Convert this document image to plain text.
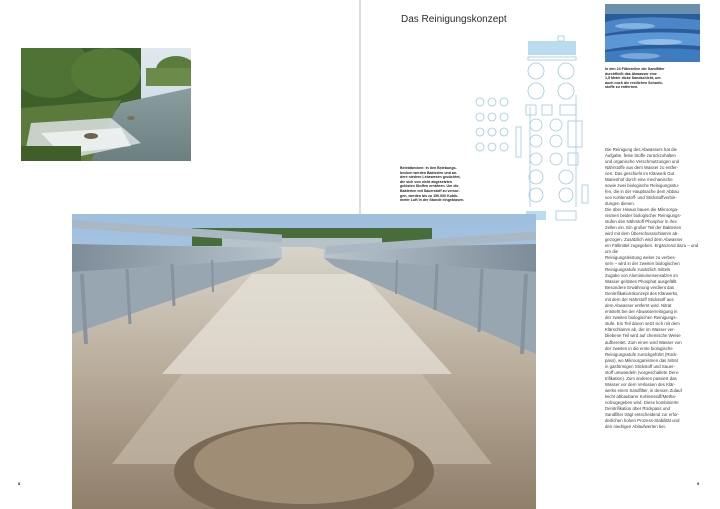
Belebtbecken: In den Belebungs-
becken werden Bakterien und an-
dere niedere Lebewesen gezüchtet,
die sich von nicht abgesetzten
gelösten Stoffen ernähren. Um die
Bakterien mit Sauerstoff zu versor-
gen, werden bis zu 150.000 Kubik-
meter Luft in der Stunde eingeblasen.
In den 24 Filterzellen der Sandfilter
durchfließt das Abwasser eine
1,5 Meter dicke Sandschicht, um
auch noch die restlichen Schweb-
stoffe zu entfernen.
Das Reinigungskonzept

Die Reinigung des Abwassers hat die

Aufgabe, feste Stoffe zurückzuhalten

und organische Verschmutzungen und

Nährstoffe aus dem Wasser zu entfer-

nen. Das geschieht im Klärwerk Gut

Marienhof durch eine mechanische

sowie zwei biologische Reinigungsstu-

fen, die in der Hauptsache dem Abbau

von Kohlenstoff- und Stickstoffverbin-

dungen dienen.

Die über Hinaus bauen die Mikroorga-

nismen beider biologischer Reinigungs-

stufen den Nährstoff Phosphor in ihre

Zellen ein. Ein großer Teil der Bakterien

wird mit dem Überschussschlamm ab-

gezogen. Zusätzlich wird dem Abwasser

ein Fällmittel zugegeben. Ergänzend dazu – und um die

Reinigungsleistung weiter zu verbes-

sern – wird in der zweiten biologischen

Reinigungsstufe zusätzlich mittels

Zugabe von Aluminiumeisensalzen im

Wasser gelöstes Phosphat ausgefällt.

Besondere Erwähnung verdient das

Denitrifikationskonzept des Klärwerks,

mit dem der Nährstoff Stickstoff aus

dem Abwasser entfernt wird. Nitrat

entsteht bei der Abwasserreinigung in

der zweiten biologischen Reinigungs-

stufe. Ein Teil davon setzt sich mit dem

Klärschlamm ab, der im Wasser ver-

bliebene Teil wird auf chemische Weise

aufbereitet. Zum einen wird Wasser von

der zweiten in die erste biologische

Reinigungsstufe zurückgeführt (Rück-

pass), wo Mikroorganismen das Nitrat

in gasförmigen Stickstoff und Sauer-

stoff umwandeln (vorgeschaltete Deni-

trifikation). Zum anderen passiert das

Wasser vor dem Verlassen des Klär-

werks einen Sandfilter, in dessen Zulauf

leicht abbaubarer Kohlenstoff/Metha-

nolzugegeben wird. Diese kombinierte

Denitrifikation über Rückpass und

Sandfilter trägt entscheidend zur erfor-

derlichen hohen Prozess-Stabilität und

den niedrigen Ablaufwerten bei.

8	9
